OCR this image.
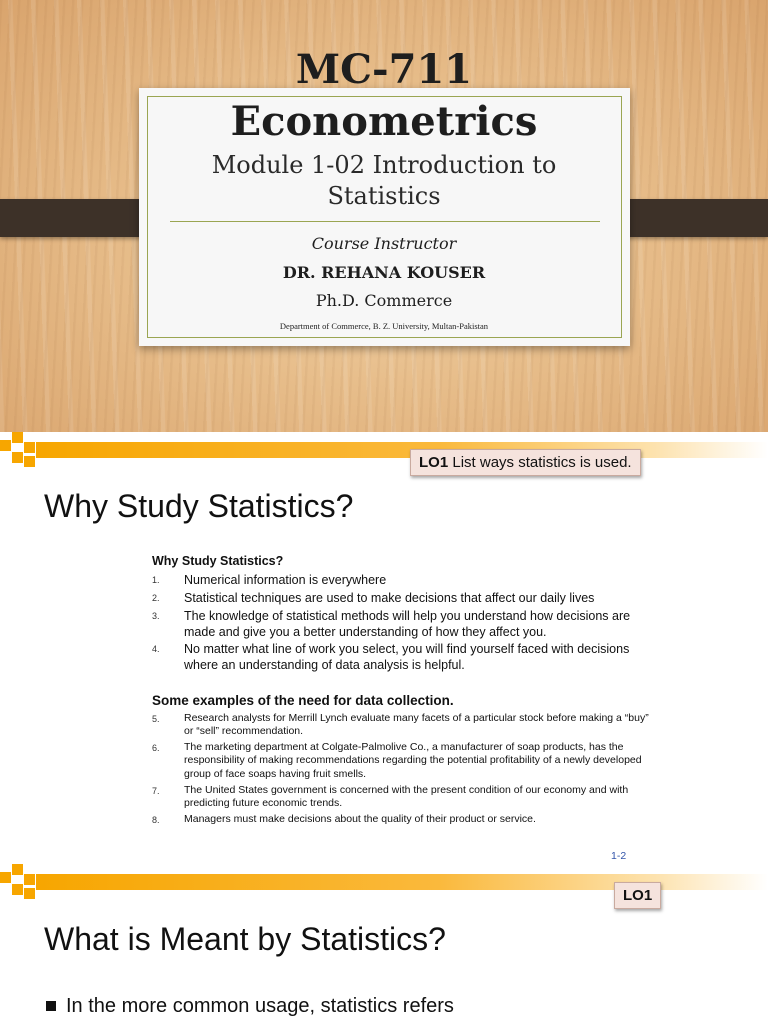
MC-711
Econometrics
Module 1-02 Introduction to
Statistics
Course Instructor
DR. REHANA KOUSER
Ph.D. Commerce
Department of Commerce, B. Z. University, Multan-Pakistan
LO1 List ways statistics is used.
Why Study Statistics?
Why Study Statistics?
1. Numerical information is everywhere
2. Statistical techniques are used to make decisions that affect our daily lives
3. The knowledge of statistical methods will help you understand how decisions are made and give you a better understanding of how they affect you.
4. No matter what line of work you select, you will find yourself faced with decisions where an understanding of data analysis is helpful.
Some examples of the need for data collection.
5. Research analysts for Merrill Lynch evaluate many facets of a particular stock before making a “buy” or “sell” recommendation.
6. The marketing department at Colgate-Palmolive Co., a manufacturer of soap products, has the responsibility of making recommendations regarding the potential profitability of a newly developed group of face soaps having fruit smells.
7. The United States government is concerned with the present condition of our economy and with predicting future economic trends.
8. Managers must make decisions about the quality of their product or service.
1-2
LO1
What is Meant by Statistics?
In the more common usage, statistics refers
